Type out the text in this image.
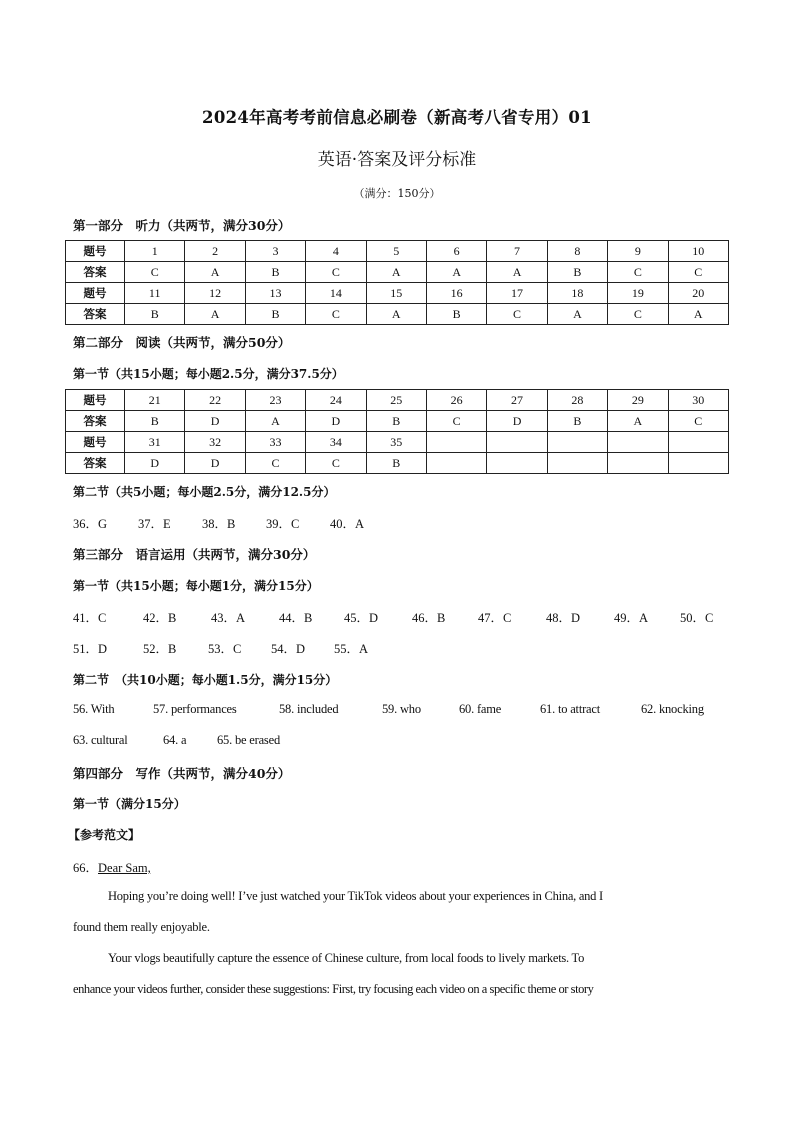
2024年高考考前信息必刷卷（新高考八省专用）01
英语·答案及评分标准
（满分：150分）
第一部分　听力（共两节，满分30分）
题号	1	2	3	4	5	6	7	8	9	10
答案	C	A	B	C	A	A	A	B	C	C
题号	11	12	13	14	15	16	17	18	19	20
答案	B	A	B	C	A	B	C	A	C	A
第二部分　阅读（共两节，满分50分）
第一节（共15小题；每小题2.5分，满分37.5分）
题号	21	22	23	24	25	26	27	28	29	30
答案	B	D	A	D	B	C	D	B	A	C
题号	31	32	33	34	35					
答案	D	D	C	C	B					
第二节（共5小题；每小题2.5分，满分12.5分）
36．G 37．E	38．B 39．C 40．A
第三部分　语言运用（共两节，满分30分）
第一节（共15小题；每小题1分，满分15分）
41．C	42．B	43．A	44．B	45．D	46．B	47．C	48．D	49．A	50．C
51．D	52．B	53．C 54．D 55．A
第二节　（共10小题；每小题1.5分，满分15分）
56. With	57. performances	58. included	59. who	60. fame	61. to attract	62. knocking
63. cultural	64. a 65. be erased
第四部分　写作（共两节，满分40分）
第一节（满分15分）
【参考范文】
66．Dear Sam,
Hoping you’re doing well! I’ve just watched your TikTok videos about your experiences in China, and I
found them really enjoyable.
Your vlogs beautifully capture the essence of Chinese culture, from local foods to lively markets. To
enhance your videos further, consider these suggestions: First, try focusing each video on a specific theme or story
